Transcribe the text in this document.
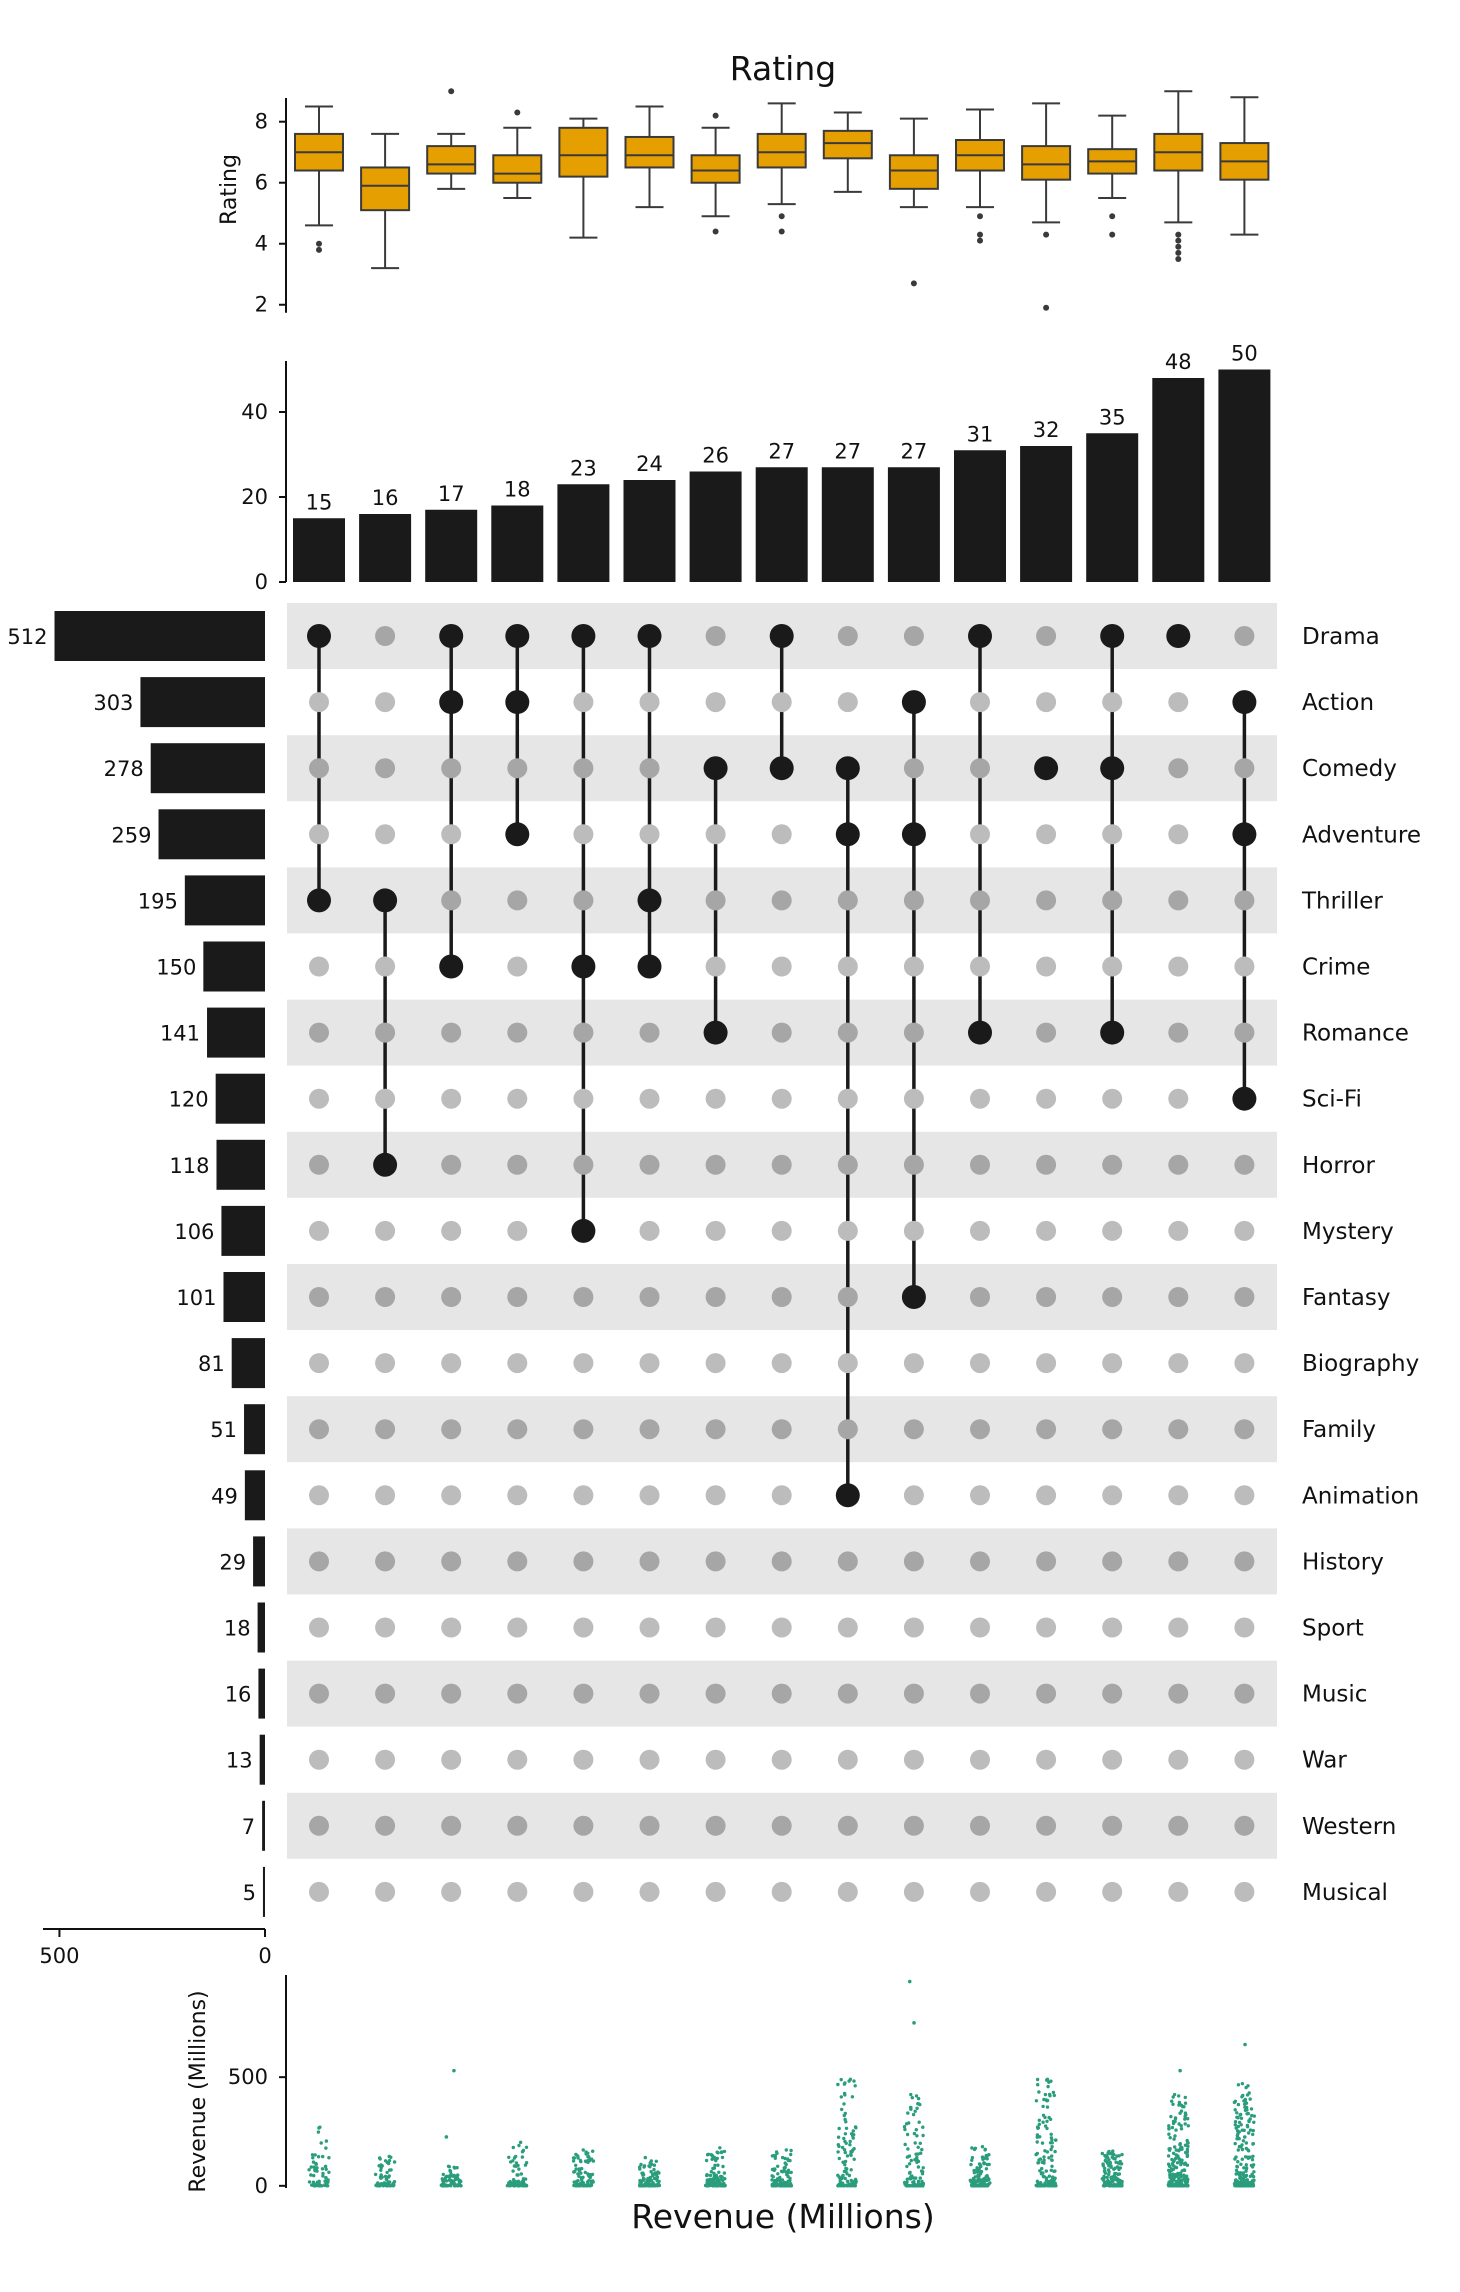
Rating
2
4
6
8
Rating
0
20
40
15 16 17 18
23 24 26 27 27 27
31 32
35
48 50
512
303
278
259
195
150
141
120
118
106
101
81
51
49
29
18
16
13
7
5
500	0
0
500
Revenue (Millions)
Revenue (Millions)
Drama
Action
Comedy
Adventure
Thriller
Crime
Romance
Sci-Fi
Horror
Mystery
Fantasy
Biography
Family
Animation
History
Sport
Music
War
Western
Musical
